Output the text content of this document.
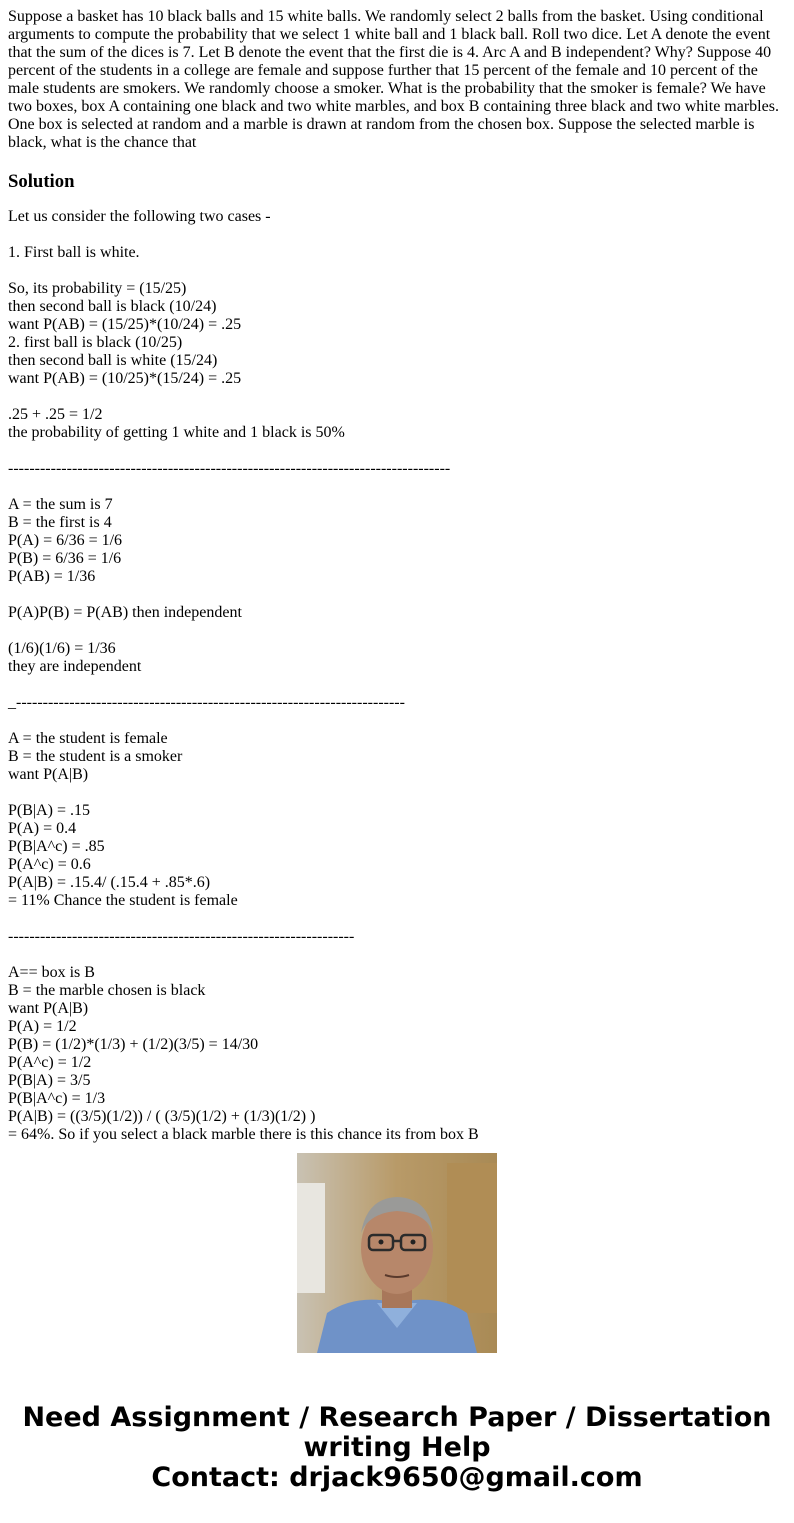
Suppose a basket has 10 black balls and 15 white balls. We randomly select 2 balls from the basket. Using conditional arguments to compute the probability that we select 1 white ball and 1 black ball. Roll two dice. Let A denote the event that the sum of the dices is 7. Let B denote the event that the first die is 4. Arc A and B independent? Why? Suppose 40 percent of the students in a college are female and suppose further that 15 percent of the female and 10 percent of the male students are smokers. We randomly choose a smoker. What is the probability that the smoker is female? We have two boxes, box A containing one black and two white marbles, and box B containing three black and two white marbles. One box is selected at random and a marble is drawn at random from the chosen box. Suppose the selected marble is black, what is the chance that

Solution
Let us consider the following two cases -
1. First ball is white.
So, its probability = (15/25)
then second ball is black (10/24)
want P(AB) = (15/25)*(10/24) = .25
2. first ball is black (10/25)
then second ball is white (15/24)
want P(AB) = (10/25)*(15/24) = .25
.25 + .25 = 1/2
the probability of getting 1 white and 1 black is 50%
-----------------------------------------------------------------------------------
A = the sum is 7
B = the first is 4
P(A) = 6/36 = 1/6
P(B) = 6/36 = 1/6
P(AB) = 1/36
P(A)P(B) = P(AB) then independent
(1/6)(1/6) = 1/36
they are independent
_-------------------------------------------------------------------------
A = the student is female
B = the student is a smoker
want P(A|B)
P(B|A) = .15
P(A) = 0.4
P(B|A^c) = .85
P(A^c) = 0.6
P(A|B) = .15.4/ (.15.4 + .85*.6)
= 11% Chance the student is female
-----------------------------------------------------------------
A== box is B
B = the marble chosen is black
want P(A|B)
P(A) = 1/2
P(B) = (1/2)*(1/3) + (1/2)(3/5) = 14/30
P(A^c) = 1/2
P(B|A) = 3/5
P(B|A^c) = 1/3
P(A|B) = ((3/5)(1/2)) / ( (3/5)(1/2) + (1/3)(1/2) )
= 64%. So if you select a black marble there is this chance its from box B
Need Assignment / Research Paper / Dissertation
writing Help
Contact: drjack9650@gmail.com
